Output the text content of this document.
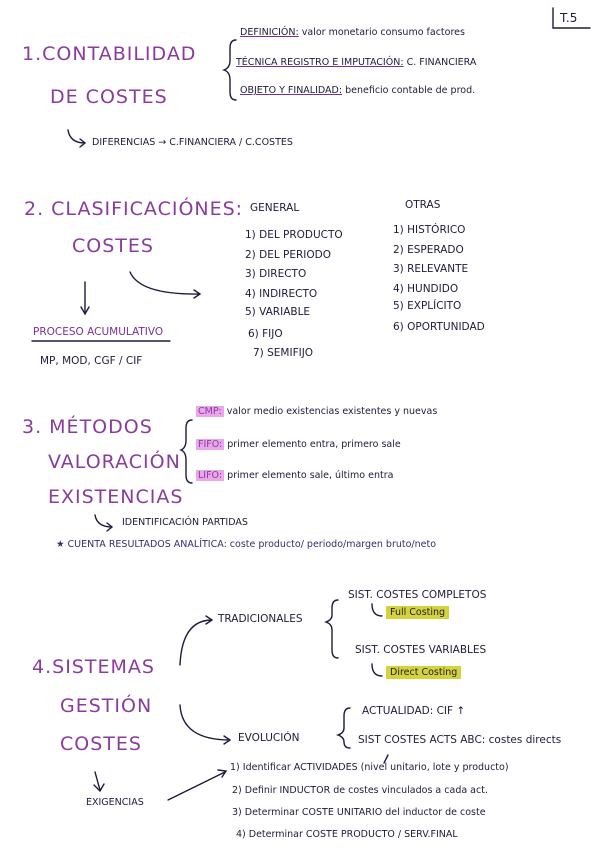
T.5
1.CONTABILIDAD
DE COSTES
DEFINICIÓN: valor monetario consumo factores
TÉCNICA REGISTRO E IMPUTACIÓN: C. FINANCIERA
OBJETO Y FINALIDAD: beneficio contable de prod.
DIFERENCIAS → C.FINANCIERA / C.COSTES
2. CLASIFICACIÓNES:
COSTES
GENERAL
1) DEL PRODUCTO
2) DEL PERIODO
3) DIRECTO
4) INDIRECTO
5) VARIABLE
6) FIJO
7) SEMIFIJO
OTRAS
1) HISTÓRICO
2) ESPERADO
3) RELEVANTE
4) HUNDIDO
5) EXPLÍCITO
6) OPORTUNIDAD
PROCESO ACUMULATIVO
MP, MOD, CGF / CIF
3. MÉTODOS
VALORACIÓN
EXISTENCIAS
CMP: valor medio existencias existentes y nuevas
FIFO: primer elemento entra, primero sale
LIFO: primer elemento sale, último entra
IDENTIFICACIÓN PARTIDAS
★ CUENTA RESULTADOS ANALÍTICA: coste producto/ periodo/margen bruto/neto
4.SISTEMAS
GESTIÓN
COSTES
TRADICIONALES
SIST. COSTES COMPLETOS
Full Costing
SIST. COSTES VARIABLES
Direct Costing
EVOLUCIÓN
ACTUALIDAD: CIF ↑
SIST COSTES ACTS ABC: costes directs
EXIGENCIAS
1) Identificar ACTIVIDADES (nivel unitario, lote y producto)
2) Definir INDUCTOR de costes vinculados a cada act.
3) Determinar COSTE UNITARIO del inductor de coste
4) Determinar COSTE PRODUCTO / SERV.FINAL
